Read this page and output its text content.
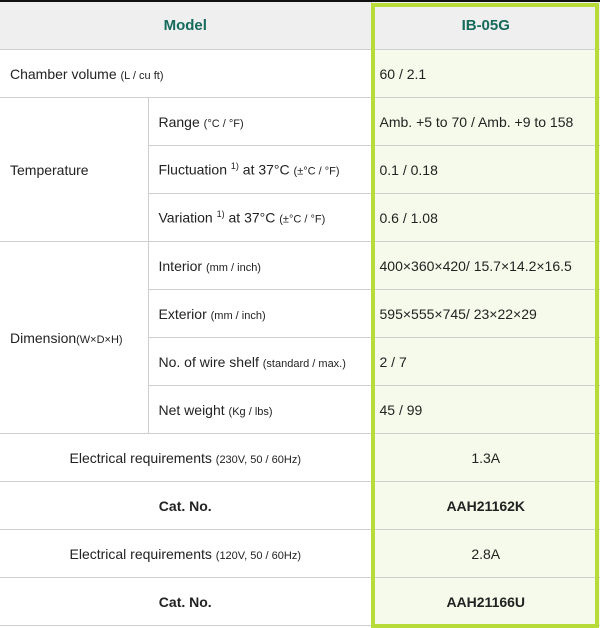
Model		IB-05G
Chamber volume (L / cu ft)		60 / 2.1
Temperature	Range (°C / °F)	Amb. +5 to 70 / Amb. +9 to 158
	Fluctuation $^{1)}$ at 37°C (±°C / °F)	0.1 / 0.18
	Variation $^{1)}$ at 37°C (±°C / °F)	0.6 / 1.08
Dimension(W×D×H)	Interior (mm / inch)	400×360×420/ 15.7×14.2×16.5
	Exterior (mm / inch)	595×555×745/ 23×22×29
	No. of wire shelf (standard / max.)	2 / 7
	Net weight (Kg / lbs)	45 / 99
Electrical requirements (230V, 50 / 60Hz)		1.3A
Cat. No.		AAH21162K
Electrical requirements (120V, 50 / 60Hz)		2.8A
Cat. No.		AAH21166U
